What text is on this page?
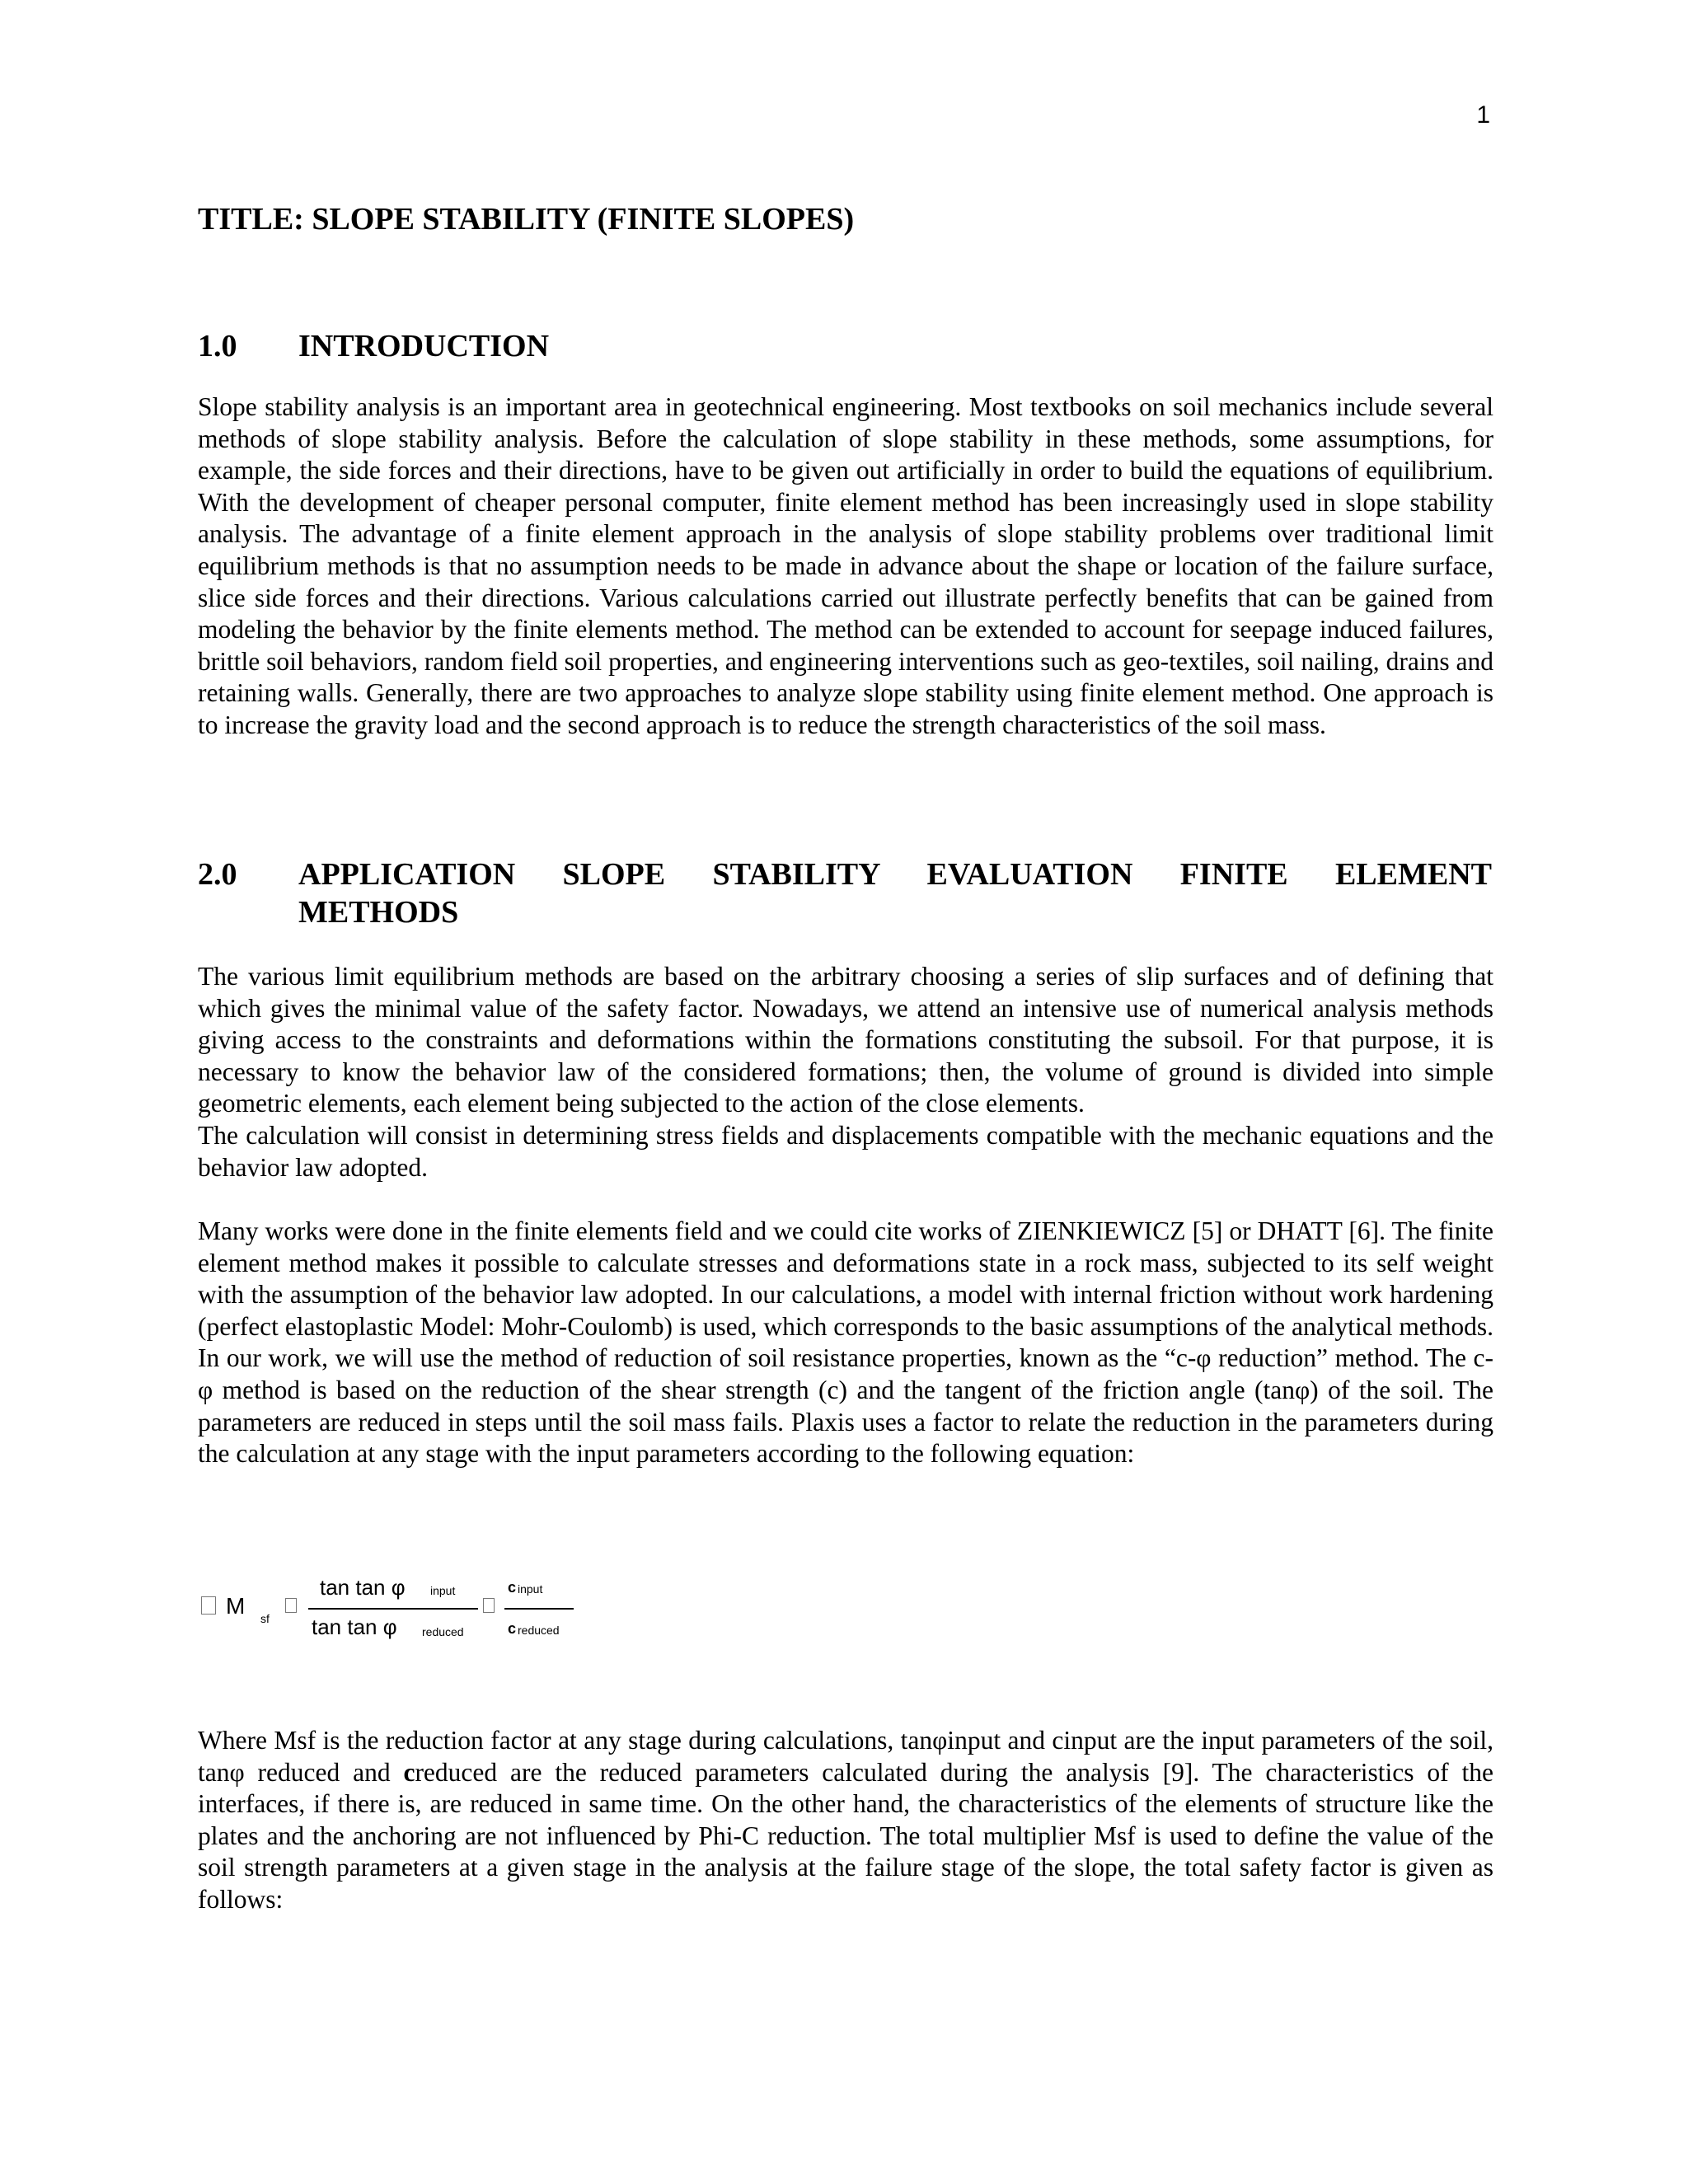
1
TITLE: SLOPE STABILITY (FINITE SLOPES)
1.0	INTRODUCTION

Slope stability analysis is an important area in geotechnical engineering. Most textbooks on soil mechanics include several methods of slope stability analysis. Before the calculation of slope stability in these methods, some assumptions, for example, the side forces and their directions, have to be given out artificially in order to build the equations of equilibrium. With the development of cheaper personal computer, finite element method has been increasingly used in slope stability analysis. The advantage of a finite element approach in the analysis of slope stability problems over traditional limit equilibrium methods is that no assumption needs to be made in advance about the shape or location of the failure surface, slice side forces and their directions. Various calculations carried out illustrate perfectly benefits that can be gained from modeling the behavior by the finite elements method. The method can be extended to account for seepage induced failures, brittle soil behaviors, random field soil properties, and engineering interventions such as geo-textiles, soil nailing, drains and retaining walls. Generally, there are two approaches to analyze slope stability using finite element method. One approach is to increase the gravity load and the second approach is to reduce the strength characteristics of the soil mass.

2.0	APPLICATION SLOPE STABILITY EVALUATION FINITE ELEMENT
METHODS

The various limit equilibrium methods are based on the arbitrary choosing a series of slip surfaces and of defining that which gives the minimal value of the safety factor. Nowadays, we attend an intensive use of numerical analysis methods giving access to the constraints and deformations within the formations constituting the subsoil. For that purpose, it is necessary to know the behavior law of the considered formations; then, the volume of ground is divided into simple geometric elements, each element being subjected to the action of the close elements.

The calculation will consist in determining stress fields and displacements compatible with the mechanic equations and the behavior law adopted.

Many works were done in the finite elements field and we could cite works of ZIENKIEWICZ [5] or DHATT [6]. The finite element method makes it possible to calculate stresses and deformations state in a rock mass, subjected to its self weight with the assumption of the behavior law adopted. In our calculations, a model with internal friction without work hardening (perfect elastoplastic Model: Mohr-Coulomb) is used, which corresponds to the basic assumptions of the analytical methods. In our work, we will use the method of reduction of soil resistance properties, known as the “c-φ reduction” method. The c-φ method is based on the reduction of the shear strength (c) and the tangent of the friction angle (tanφ) of the soil. The parameters are reduced in steps until the soil mass fails. Plaxis uses a factor to relate the reduction in the parameters during the calculation at any stage with the input parameters according to the following equation:

M sf
tan tan φ input
tan tan φ reduced
c input
c reduced

Where Msf is the reduction factor at any stage during calculations, tanφinput and cinput are the input parameters of the soil, tanφ reduced and creduced are the reduced parameters calculated during the analysis [9]. The characteristics of the interfaces, if there is, are reduced in same time. On the other hand, the characteristics of the elements of structure like the plates and the anchoring are not influenced by Phi-C reduction. The total multiplier Msf is used to define the value of the soil strength parameters at a given stage in the analysis at the failure stage of the slope, the total safety factor is given as follows:
